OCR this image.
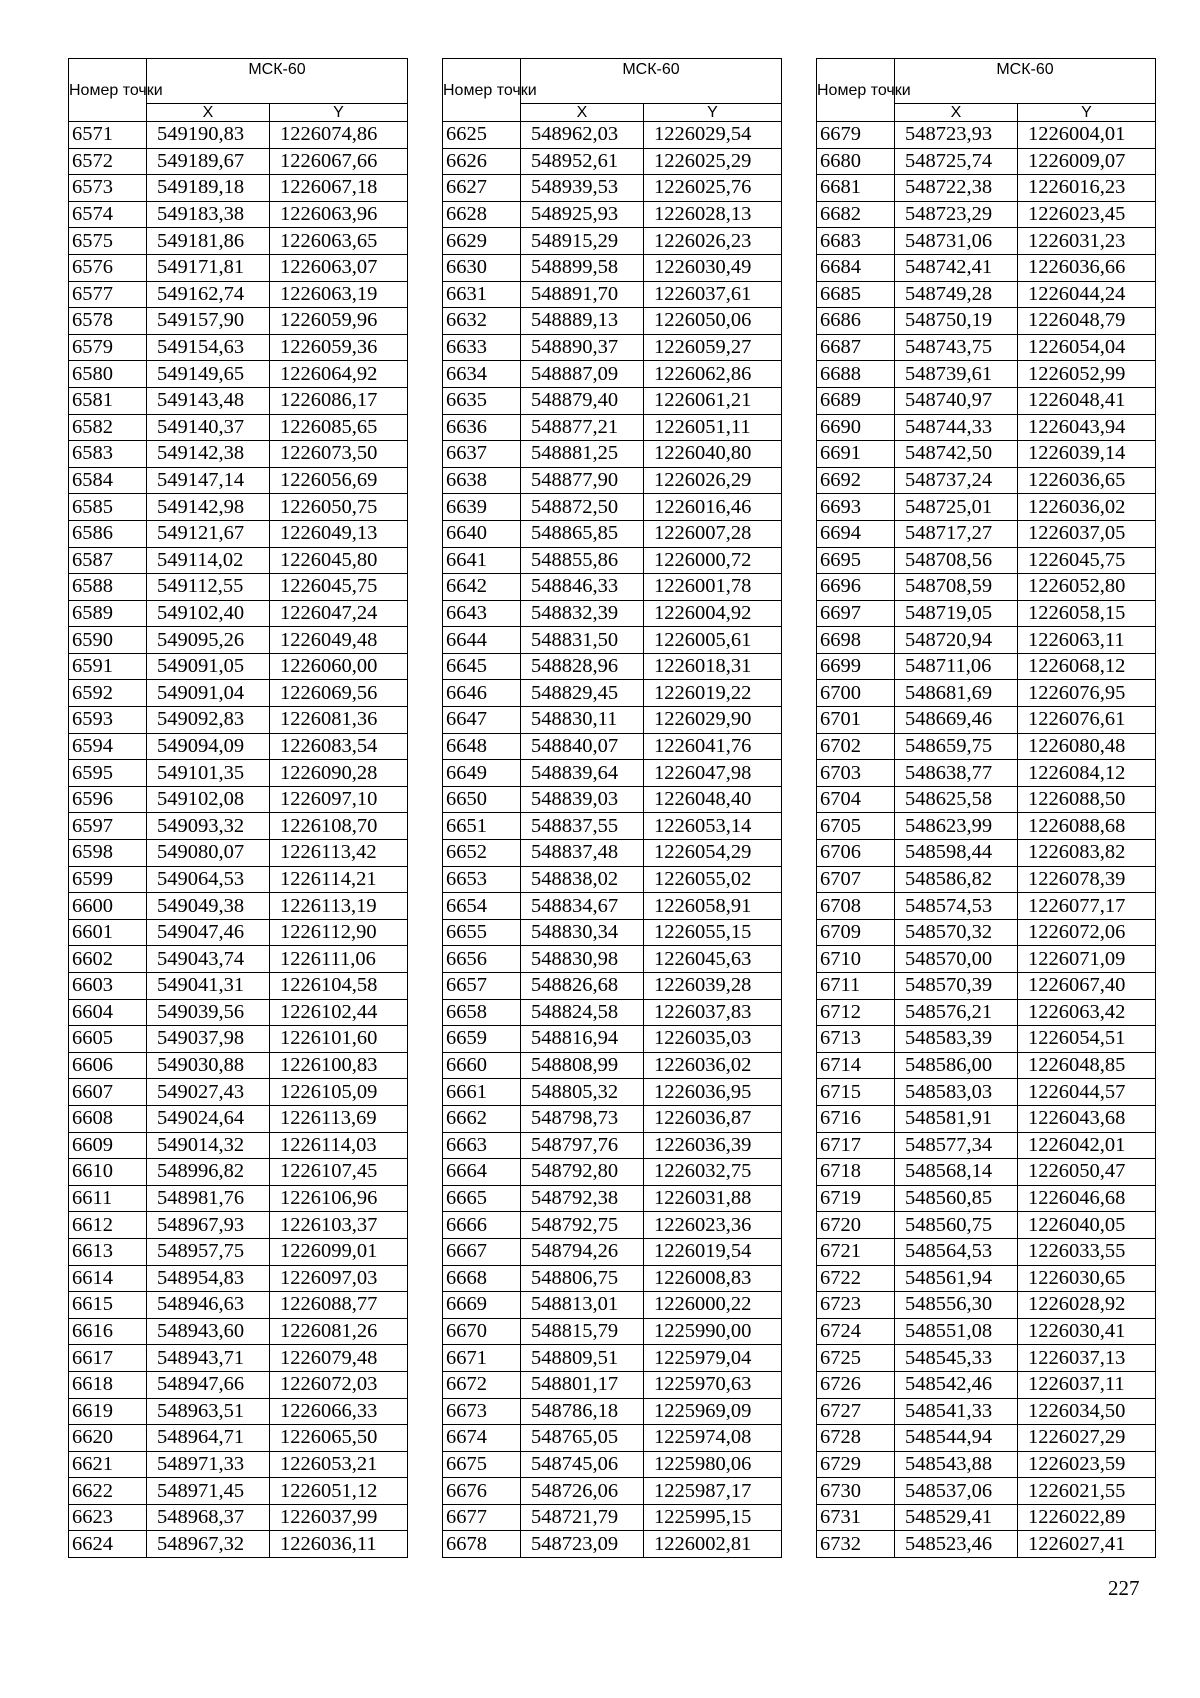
Номер точки	МСК-60	
	X	Y
6571	549190,83	1226074,86
6572	549189,67	1226067,66
6573	549189,18	1226067,18
6574	549183,38	1226063,96
6575	549181,86	1226063,65
6576	549171,81	1226063,07
6577	549162,74	1226063,19
6578	549157,90	1226059,96
6579	549154,63	1226059,36
6580	549149,65	1226064,92
6581	549143,48	1226086,17
6582	549140,37	1226085,65
6583	549142,38	1226073,50
6584	549147,14	1226056,69
6585	549142,98	1226050,75
6586	549121,67	1226049,13
6587	549114,02	1226045,80
6588	549112,55	1226045,75
6589	549102,40	1226047,24
6590	549095,26	1226049,48
6591	549091,05	1226060,00
6592	549091,04	1226069,56
6593	549092,83	1226081,36
6594	549094,09	1226083,54
6595	549101,35	1226090,28
6596	549102,08	1226097,10
6597	549093,32	1226108,70
6598	549080,07	1226113,42
6599	549064,53	1226114,21
6600	549049,38	1226113,19
6601	549047,46	1226112,90
6602	549043,74	1226111,06
6603	549041,31	1226104,58
6604	549039,56	1226102,44
6605	549037,98	1226101,60
6606	549030,88	1226100,83
6607	549027,43	1226105,09
6608	549024,64	1226113,69
6609	549014,32	1226114,03
6610	548996,82	1226107,45
6611	548981,76	1226106,96
6612	548967,93	1226103,37
6613	548957,75	1226099,01
6614	548954,83	1226097,03
6615	548946,63	1226088,77
6616	548943,60	1226081,26
6617	548943,71	1226079,48
6618	548947,66	1226072,03
6619	548963,51	1226066,33
6620	548964,71	1226065,50
6621	548971,33	1226053,21
6622	548971,45	1226051,12
6623	548968,37	1226037,99
6624	548967,32	1226036,11
Номер точки	МСК-60	
	X	Y
6625	548962,03	1226029,54
6626	548952,61	1226025,29
6627	548939,53	1226025,76
6628	548925,93	1226028,13
6629	548915,29	1226026,23
6630	548899,58	1226030,49
6631	548891,70	1226037,61
6632	548889,13	1226050,06
6633	548890,37	1226059,27
6634	548887,09	1226062,86
6635	548879,40	1226061,21
6636	548877,21	1226051,11
6637	548881,25	1226040,80
6638	548877,90	1226026,29
6639	548872,50	1226016,46
6640	548865,85	1226007,28
6641	548855,86	1226000,72
6642	548846,33	1226001,78
6643	548832,39	1226004,92
6644	548831,50	1226005,61
6645	548828,96	1226018,31
6646	548829,45	1226019,22
6647	548830,11	1226029,90
6648	548840,07	1226041,76
6649	548839,64	1226047,98
6650	548839,03	1226048,40
6651	548837,55	1226053,14
6652	548837,48	1226054,29
6653	548838,02	1226055,02
6654	548834,67	1226058,91
6655	548830,34	1226055,15
6656	548830,98	1226045,63
6657	548826,68	1226039,28
6658	548824,58	1226037,83
6659	548816,94	1226035,03
6660	548808,99	1226036,02
6661	548805,32	1226036,95
6662	548798,73	1226036,87
6663	548797,76	1226036,39
6664	548792,80	1226032,75
6665	548792,38	1226031,88
6666	548792,75	1226023,36
6667	548794,26	1226019,54
6668	548806,75	1226008,83
6669	548813,01	1226000,22
6670	548815,79	1225990,00
6671	548809,51	1225979,04
6672	548801,17	1225970,63
6673	548786,18	1225969,09
6674	548765,05	1225974,08
6675	548745,06	1225980,06
6676	548726,06	1225987,17
6677	548721,79	1225995,15
6678	548723,09	1226002,81
Номер точки	МСК-60	
	X	Y
6679	548723,93	1226004,01
6680	548725,74	1226009,07
6681	548722,38	1226016,23
6682	548723,29	1226023,45
6683	548731,06	1226031,23
6684	548742,41	1226036,66
6685	548749,28	1226044,24
6686	548750,19	1226048,79
6687	548743,75	1226054,04
6688	548739,61	1226052,99
6689	548740,97	1226048,41
6690	548744,33	1226043,94
6691	548742,50	1226039,14
6692	548737,24	1226036,65
6693	548725,01	1226036,02
6694	548717,27	1226037,05
6695	548708,56	1226045,75
6696	548708,59	1226052,80
6697	548719,05	1226058,15
6698	548720,94	1226063,11
6699	548711,06	1226068,12
6700	548681,69	1226076,95
6701	548669,46	1226076,61
6702	548659,75	1226080,48
6703	548638,77	1226084,12
6704	548625,58	1226088,50
6705	548623,99	1226088,68
6706	548598,44	1226083,82
6707	548586,82	1226078,39
6708	548574,53	1226077,17
6709	548570,32	1226072,06
6710	548570,00	1226071,09
6711	548570,39	1226067,40
6712	548576,21	1226063,42
6713	548583,39	1226054,51
6714	548586,00	1226048,85
6715	548583,03	1226044,57
6716	548581,91	1226043,68
6717	548577,34	1226042,01
6718	548568,14	1226050,47
6719	548560,85	1226046,68
6720	548560,75	1226040,05
6721	548564,53	1226033,55
6722	548561,94	1226030,65
6723	548556,30	1226028,92
6724	548551,08	1226030,41
6725	548545,33	1226037,13
6726	548542,46	1226037,11
6727	548541,33	1226034,50
6728	548544,94	1226027,29
6729	548543,88	1226023,59
6730	548537,06	1226021,55
6731	548529,41	1226022,89
6732	548523,46	1226027,41
227
